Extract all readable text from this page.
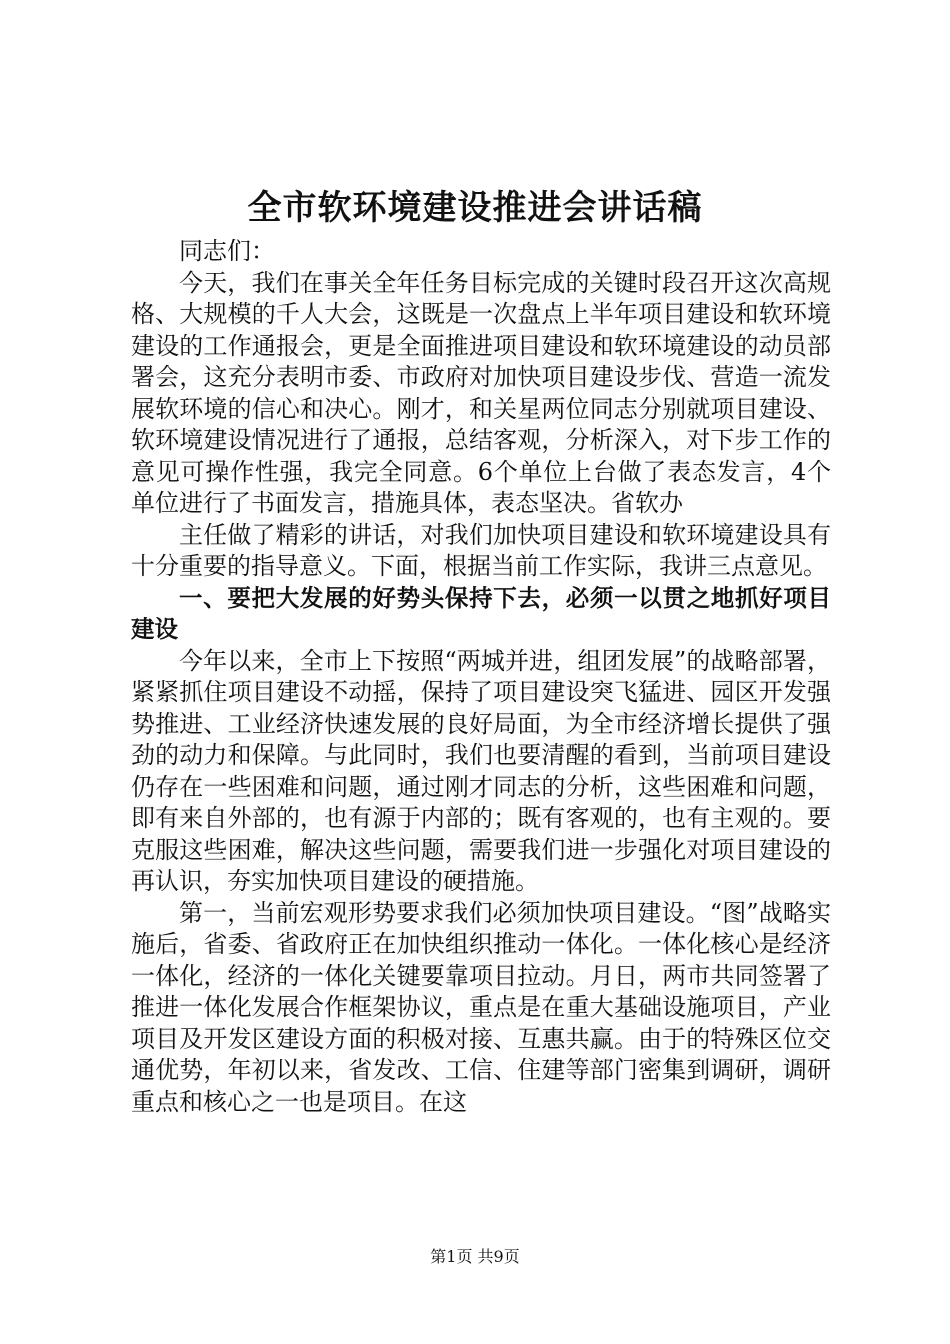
全市软环境建设推进会讲话稿

同志们：

今天，我们在事关全年任务目标完成的关键时段召开这次高规格、大规模的千人大会，这既是一次盘点上半年项目建设和软环境建设的工作通报会，更是全面推进项目建设和软环境建设的动员部署会，这充分表明市委、市政府对加快项目建设步伐、营造一流发展软环境的信心和决心。刚才，和关星两位同志分别就项目建设、软环境建设情况进行了通报，总结客观，分析深入，对下步工作的意见可操作性强，我完全同意。6个单位上台做了表态发言，4个单位进行了书面发言，措施具体，表态坚决。省软办

主任做了精彩的讲话，对我们加快项目建设和软环境建设具有十分重要的指导意义。下面，根据当前工作实际，我讲三点意见。

一、要把大发展的好势头保持下去，必须一以贯之地抓好项目建设

今年以来，全市上下按照“两城并进，组团发展”的战略部署，紧紧抓住项目建设不动摇，保持了项目建设突飞猛进、园区开发强势推进、工业经济快速发展的良好局面，为全市经济增长提供了强劲的动力和保障。与此同时，我们也要清醒的看到，当前项目建设仍存在一些困难和问题，通过刚才同志的分析，这些困难和问题，即有来自外部的，也有源于内部的；既有客观的，也有主观的。要克服这些困难，解决这些问题，需要我们进一步强化对项目建设的再认识，夯实加快项目建设的硬措施。

第一，当前宏观形势要求我们必须加快项目建设。“图”战略实施后，省委、省政府正在加快组织推动一体化。一体化核心是经济一体化，经济的一体化关键要靠项目拉动。月日，两市共同签署了推进一体化发展合作框架协议，重点是在重大基础设施项目，产业项目及开发区建设方面的积极对接、互惠共赢。由于的特殊区位交通优势，年初以来，省发改、工信、住建等部门密集到调研，调研重点和核心之一也是项目。在这

第1页 共9页
